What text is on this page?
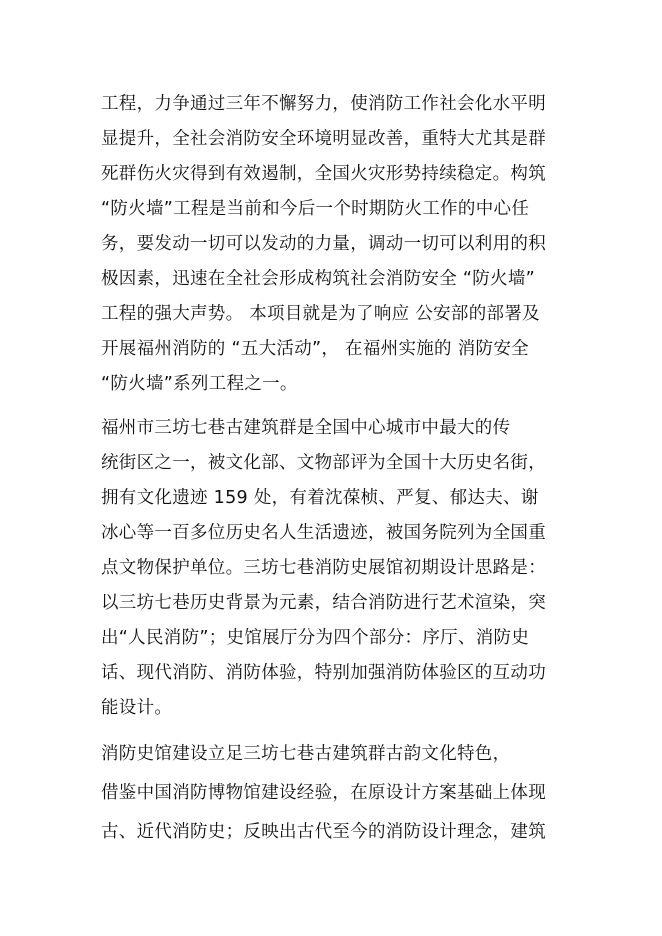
工程，力争通过三年不懈努力，使消防工作社会化水平明
显提升，全社会消防安全环境明显改善，重特大尤其是群
死群伤火灾得到有效遏制，全国火灾形势持续稳定。构筑
“防火墙”工程是当前和今后一个时期防火工作的中心任
务，要发动一切可以发动的力量，调动一切可以利用的积
极因素，迅速在全社会形成构筑社会消防安全 “防火墙”
工程的强大声势。 本项目就是为了响应 公安部的部署及
开展福州消防的 “五大活动”， 在福州实施的 消防安全
“防火墙”系列工程之一。
福州市三坊七巷古建筑群是全国中心城市中最大的传
统街区之一，被文化部、文物部评为全国十大历史名街，
拥有文化遗迹 159 处，有着沈葆桢、严复、郁达夫、谢
冰心等一百多位历史名人生活遗迹，被国务院列为全国重
点文物保护单位。三坊七巷消防史展馆初期设计思路是：
以三坊七巷历史背景为元素，结合消防进行艺术渲染，突
出“人民消防”；史馆展厅分为四个部分：序厅、消防史
话、现代消防、消防体验，特别加强消防体验区的互动功
能设计。
消防史馆建设立足三坊七巷古建筑群古韵文化特色，
借鉴中国消防博物馆建设经验，在原设计方案基础上体现
古、近代消防史；反映出古代至今的消防设计理念，建筑
